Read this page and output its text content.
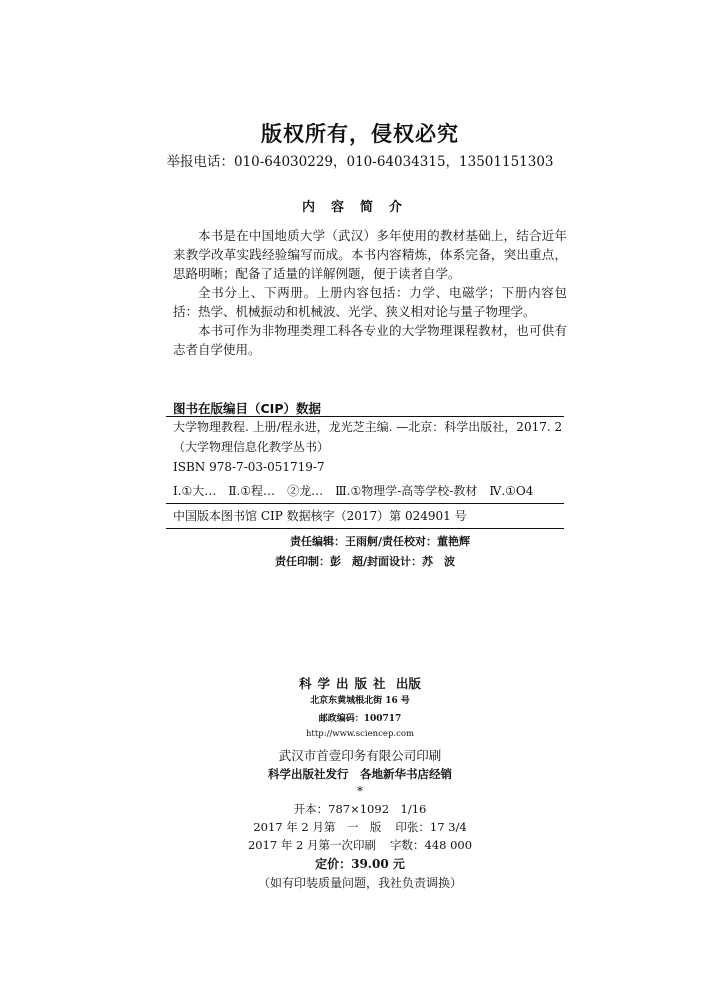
版权所有，侵权必究
举报电话：010-64030229，010-64034315，13501151303
内容简介

本书是在中国地质大学（武汉）多年使用的教材基础上，结合近年来教学改革实践经验编写而成。本书内容精炼，体系完备，突出重点，思路明晰；配备了适量的详解例题，便于读者自学。

全书分上、下两册。上册内容包括：力学、电磁学；下册内容包括：热学、机械振动和机械波、光学、狭义相对论与量子物理学。

本书可作为非物理类理工科各专业的大学物理课程教材，也可供有志者自学使用。

图书在版编目（CIP）数据
大学物理教程. 上册/程永进，龙光芝主编. —北京：科学出版社，2017. 2
（大学物理信息化教学丛书）
ISBN 978-7-03-051719-7
Ⅰ.①大… Ⅱ.①程… ②龙… Ⅲ.①物理学-高等学校-教材 Ⅳ.①O4
中国版本图书馆 CIP 数据核字（2017）第 024901 号
责任编辑：王雨舸/责任校对：董艳辉
责任印制：彭　超/封面设计：苏　波
科学出版社 出版
北京东黄城根北街 16 号
邮政编码：100717
http://www.sciencep.com
武汉市首壹印务有限公司印刷
科学出版社发行　各地新华书店经销
*
开本：787×1092　1/16
2017 年 2 月第　一　版 印张：17 3/4
2017 年 2 月第一次印刷 字数：448 000
定价：39.00 元
（如有印装质量问题，我社负责调换）
